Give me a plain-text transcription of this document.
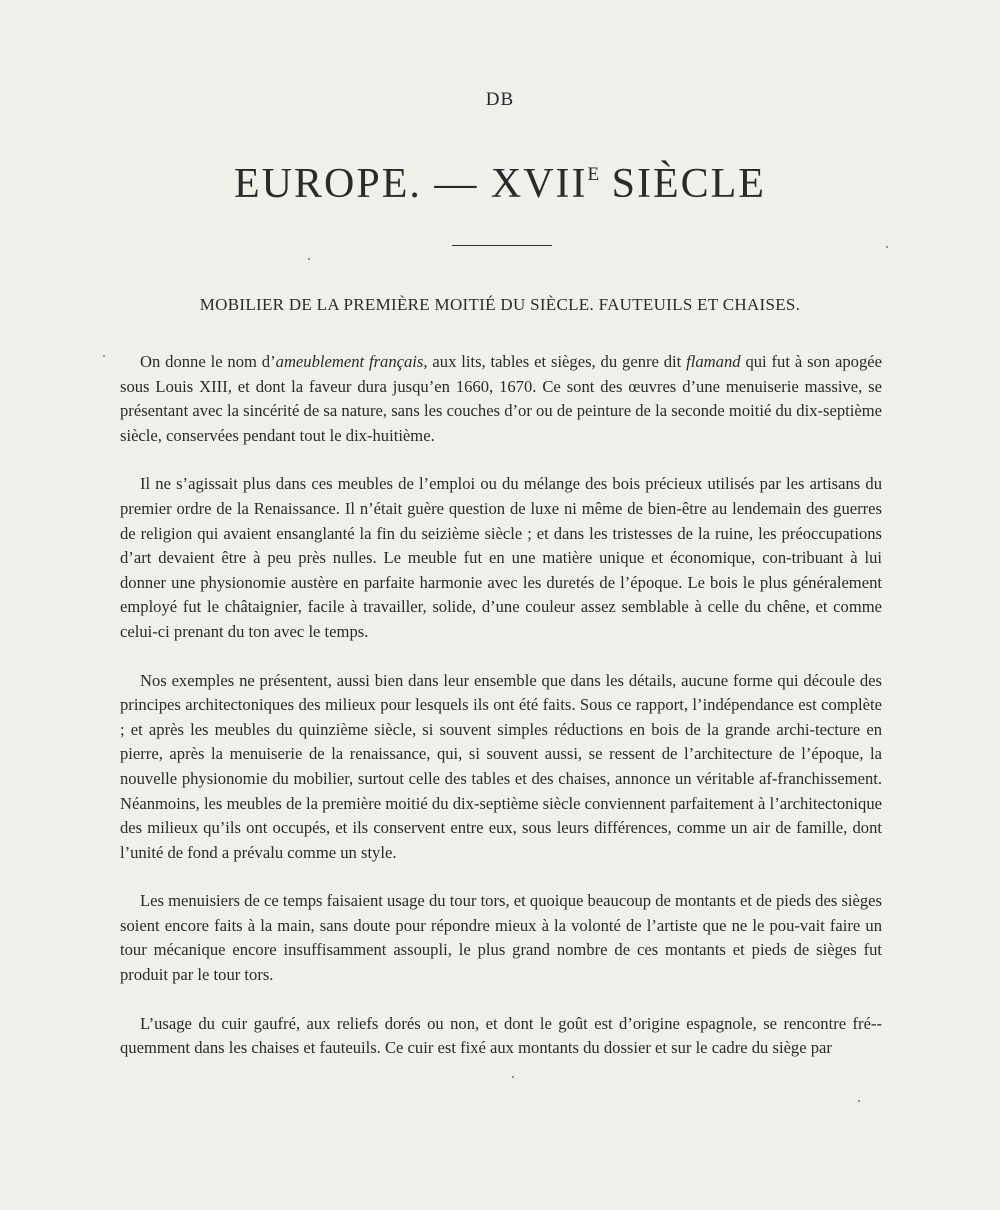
DB
EUROPE. — $XVII^E$ SIÈCLE
MOBILIER DE LA PREMIÈRE MOITIÉ DU SIÈCLE. FAUTEUILS ET CHAISES.

On donne le nom d’ameublement français, aux lits, tables et sièges, du genre dit flamand qui fut à son apogée sous Louis XIII, et dont la faveur dura jusqu’en 1660, 1670. Ce sont des œuvres d’une menuiserie massive, se présentant avec la sincérité de sa nature, sans les couches d’or ou de peinture de la seconde moitié du dix-septième siècle, conservées pendant tout le dix-huitième.

Il ne s’agissait plus dans ces meubles de l’emploi ou du mélange des bois précieux utilisés par les artisans du premier ordre de la Renaissance. Il n’était guère question de luxe ni même de bien-être au lendemain des guerres de religion qui avaient ensanglanté la fin du seizième siècle ; et dans les tristesses de la ruine, les préoccupations d’art devaient être à peu près nulles. Le meuble fut en une matière unique et économique, con-tribuant à lui donner une physionomie austère en parfaite harmonie avec les duretés de l’époque. Le bois le plus généralement employé fut le châtaignier, facile à travailler, solide, d’une couleur assez semblable à celle du chêne, et comme celui-ci prenant du ton avec le temps.

Nos exemples ne présentent, aussi bien dans leur ensemble que dans les détails, aucune forme qui découle des principes architectoniques des milieux pour lesquels ils ont été faits. Sous ce rapport, l’indépendance est complète ; et après les meubles du quinzième siècle, si souvent simples réductions en bois de la grande archi-tecture en pierre, après la menuiserie de la renaissance, qui, si souvent aussi, se ressent de l’architecture de l’époque, la nouvelle physionomie du mobilier, surtout celle des tables et des chaises, annonce un véritable af-franchissement. Néanmoins, les meubles de la première moitié du dix-septième siècle conviennent parfaitement à l’architectonique des milieux qu’ils ont occupés, et ils conservent entre eux, sous leurs différences, comme un air de famille, dont l’unité de fond a prévalu comme un style.

Les menuisiers de ce temps faisaient usage du tour tors, et quoique beaucoup de montants et de pieds des sièges soient encore faits à la main, sans doute pour répondre mieux à la volonté de l’artiste que ne le pou-vait faire un tour mécanique encore insuffisamment assoupli, le plus grand nombre de ces montants et pieds de sièges fut produit par le tour tors.

L’usage du cuir gaufré, aux reliefs dorés ou non, et dont le goût est d’origine espagnole, se rencontre fré-quemment dans les chaises et fauteuils. Ce cuir est fixé aux montants du dossier et sur le cadre du siège par
